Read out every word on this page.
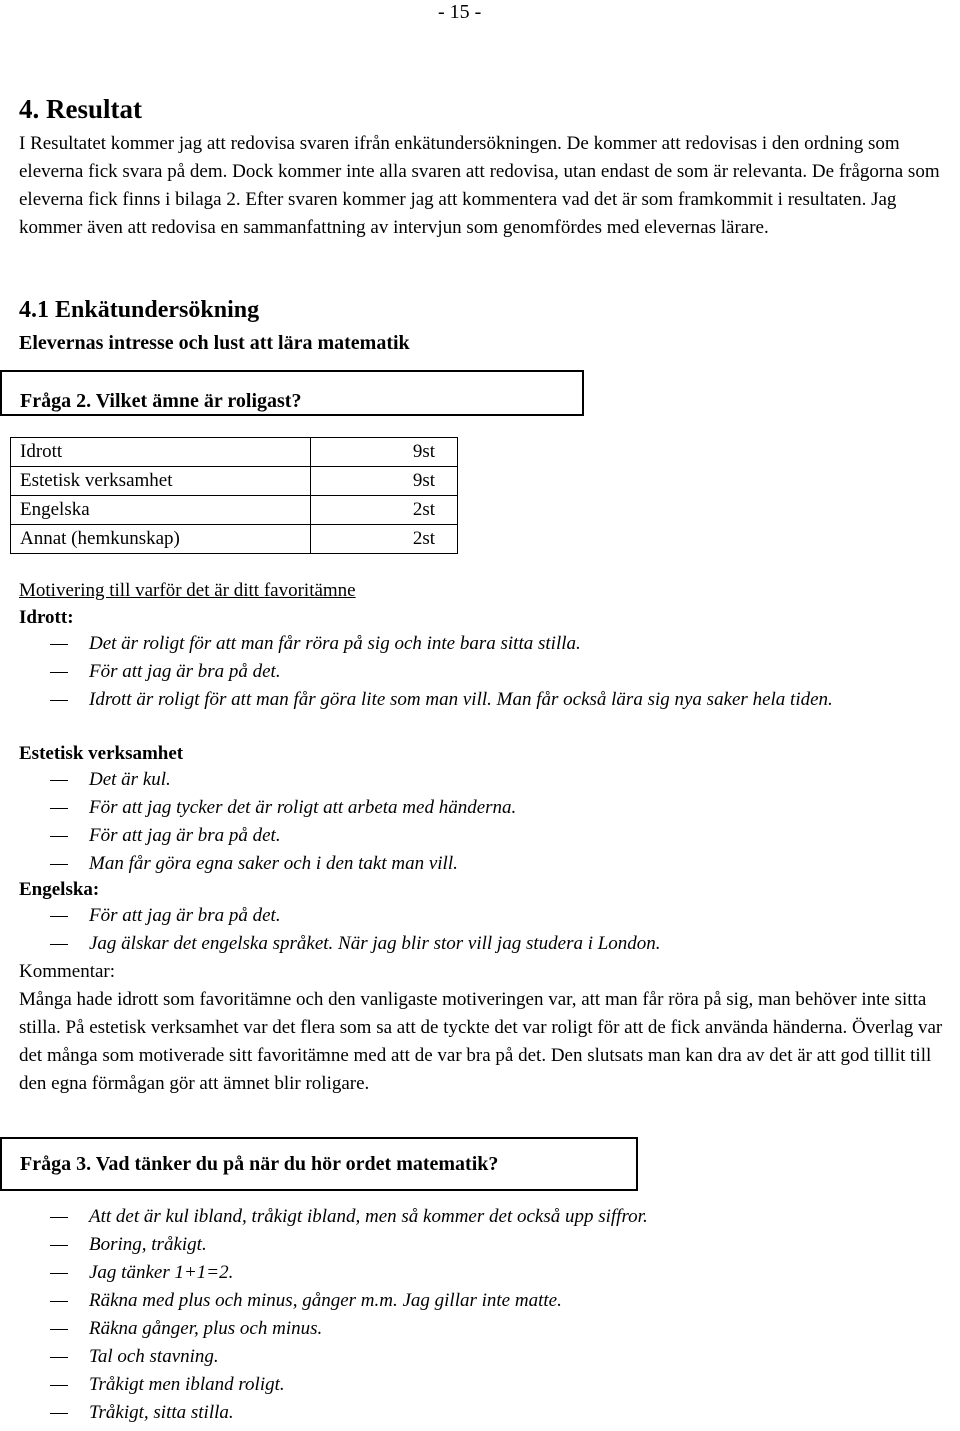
- 15 -
4. Resultat
I Resultatet kommer jag att redovisa svaren ifrån enkätundersökningen. De kommer att redovisas i den ordning som eleverna fick svara på dem. Dock kommer inte alla svaren att redovisa, utan endast de som är relevanta. De frågorna som eleverna fick finns i bilaga 2. Efter svaren kommer jag att kommentera vad det är som framkommit i resultaten. Jag kommer även att redovisa en sammanfattning av intervjun som genomfördes med elevernas lärare.
4.1 Enkätundersökning
Elevernas intresse och lust att lära matematik
Fråga 2. Vilket ämne är roligast?
Idrott	9st
Estetisk verksamhet	9st
Engelska	2st
Annat (hemkunskap)	2st
Motivering till varför det är ditt favoritämne
Idrott:
Det är roligt för att man får röra på sig och inte bara sitta stilla.
För att jag är bra på det.
Idrott är roligt för att man får göra lite som man vill. Man får också lära sig nya saker hela tiden.
Estetisk verksamhet
Det är kul.
För att jag tycker det är roligt att arbeta med händerna.
För att jag är bra på det.
Man får göra egna saker och i den takt man vill.
Engelska:
För att jag är bra på det.
Jag älskar det engelska språket. När jag blir stor vill jag studera i London.
Kommentar:
Många hade idrott som favoritämne och den vanligaste motiveringen var, att man får röra på sig, man behöver inte sitta stilla. På estetisk verksamhet var det flera som sa att de tyckte det var roligt för att de fick använda händerna. Överlag var det många som motiverade sitt favoritämne med att de var bra på det. Den slutsats man kan dra av det är att god tillit till den egna förmågan gör att ämnet blir roligare.
Fråga 3. Vad tänker du på när du hör ordet matematik?
Att det är kul ibland, tråkigt ibland, men så kommer det också upp siffror.
Boring, tråkigt.
Jag tänker 1+1=2.
Räkna med plus och minus, gånger m.m. Jag gillar inte matte.
Räkna gånger, plus och minus.
Tal och stavning.
Tråkigt men ibland roligt.
Tråkigt, sitta stilla.
